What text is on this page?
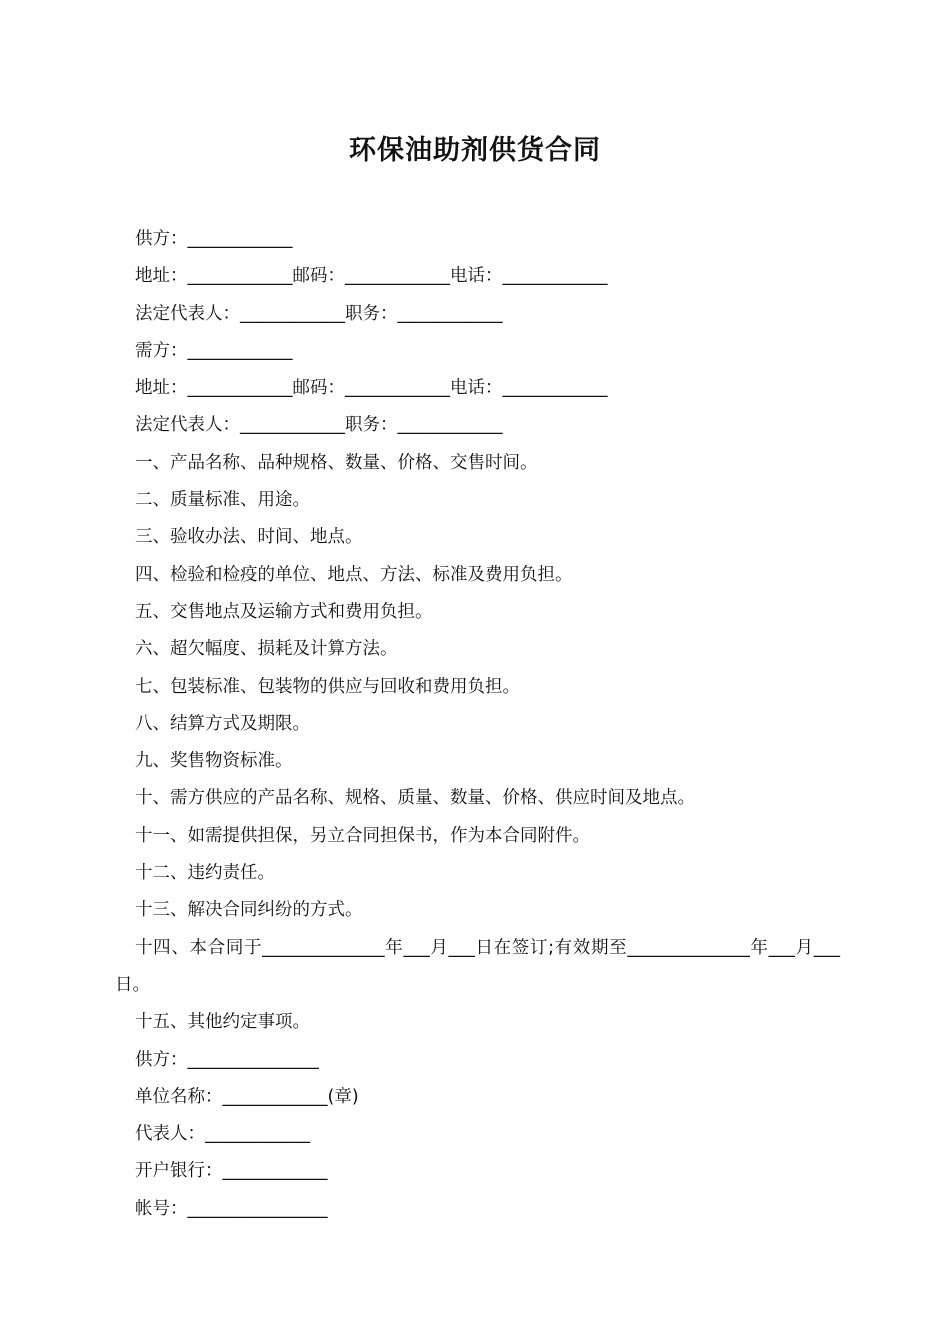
环保油助剂供货合同
供方：____________
地址：____________邮码：____________电话：____________
法定代表人：____________职务：____________
需方：____________
地址：____________邮码：____________电话：____________
法定代表人：____________职务：____________
一、产品名称、品种规格、数量、价格、交售时间。
二、质量标准、用途。
三、验收办法、时间、地点。
四、检验和检疫的单位、地点、方法、标准及费用负担。
五、交售地点及运输方式和费用负担。
六、超欠幅度、损耗及计算方法。
七、包装标准、包装物的供应与回收和费用负担。
八、结算方式及期限。
九、奖售物资标准。
十、需方供应的产品名称、规格、质量、数量、价格、供应时间及地点。
十一、如需提供担保，另立合同担保书，作为本合同附件。
十二、违约责任。
十三、解决合同纠纷的方式。
十四、本合同于______________年___月___日在签订;有效期至______________年___月___日。
十五、其他约定事项。
供方：_______________
单位名称：____________(章)
代表人：____________
开户银行：____________
帐号：________________
